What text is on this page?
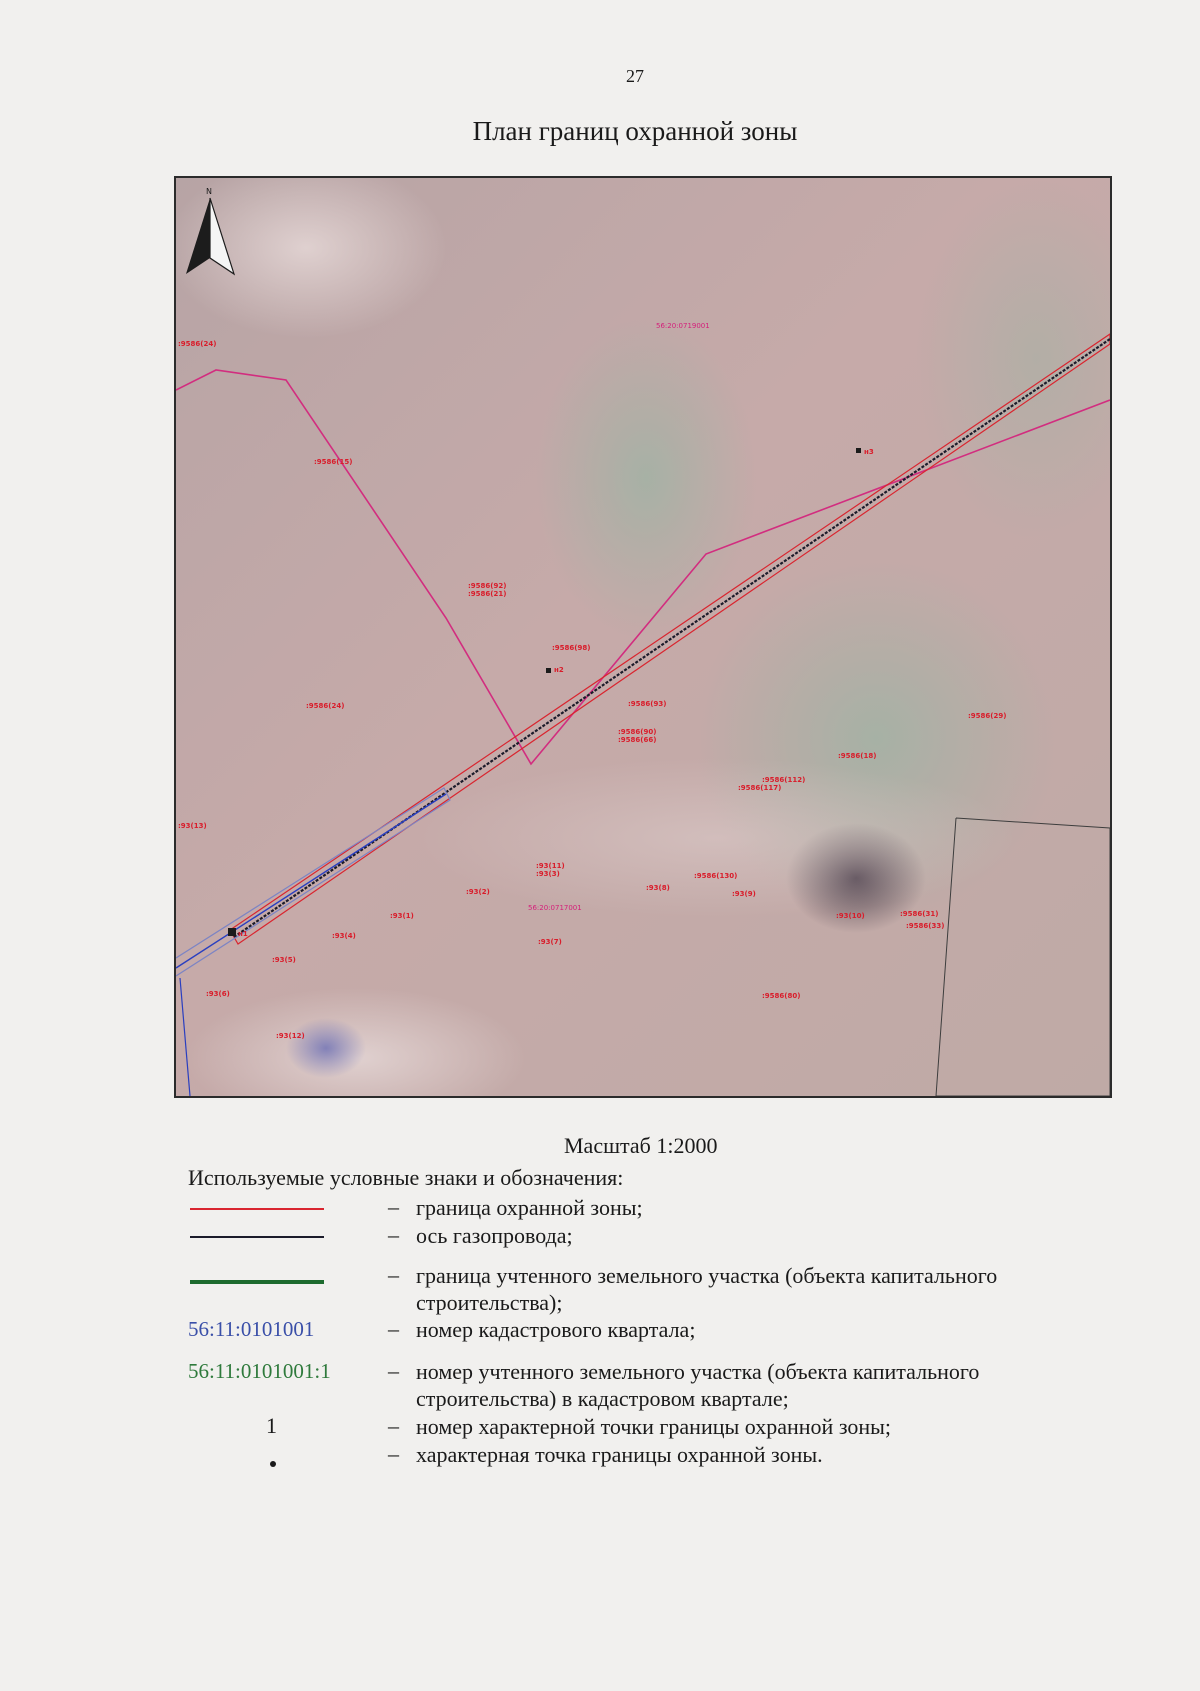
27
План границ охранной зоны
N
н1
н2
н3
56:20:0719001
56:20:0717001
:9586(24)
:9586(15)
:9586(92)
:9586(21)
:9586(98)
:9586(24)	:9586(93)
:9586(90)
:9586(66)
:9586(29)
:9586(18)
:9586(112)
:9586(117)
:9586(130)
:9586(80)
:93(3)
:93(2)
:93(1)
:93(4)
:93(5)
:93(6)
:93(7)
:93(8)
:93(9)
:93(10)
:93(11)
:93(12)
:93(13)
:9586(31)
:9586(33)
Масштаб 1:2000
Используемые условные знаки и обозначения:
– граница охранной зоны;
– ось газопровода;
– граница учтенного земельного участка (объекта капитального строительства);
56:11:0101001	– номер кадастрового квартала;
56:11:0101001:1	– номер учтенного земельного участка (объекта капитального строительства) в кадастровом квартале;
1	– номер характерной точки границы охранной зоны;
– характерная точка границы охранной зоны.
